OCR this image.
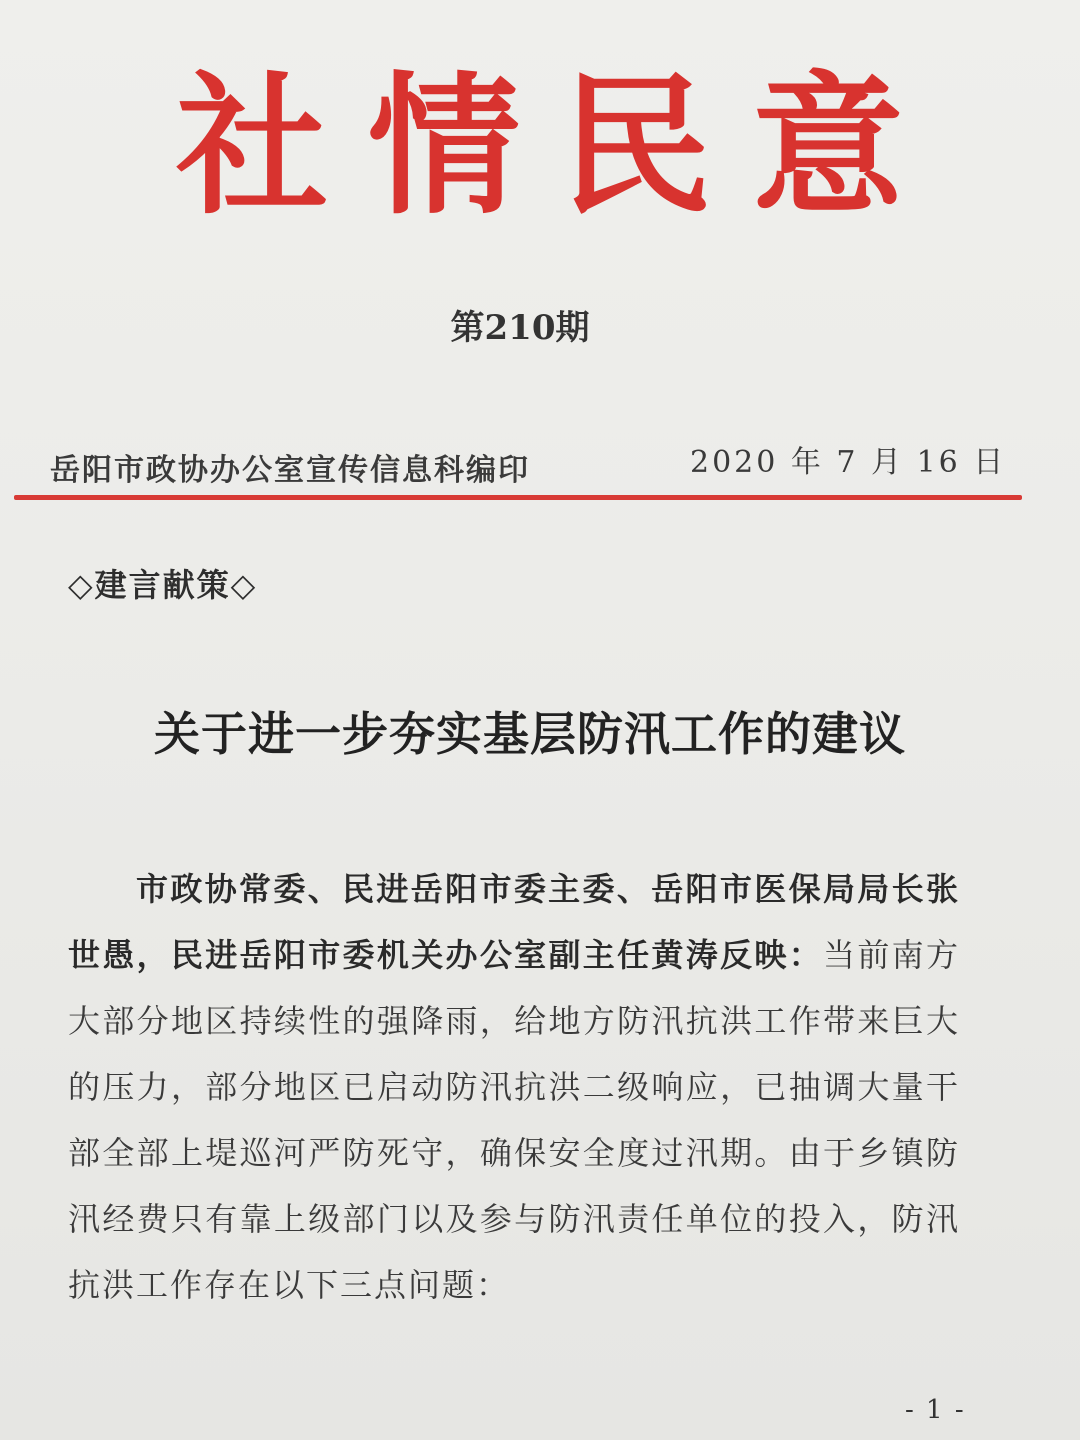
社情民意
第210期
岳阳市政协办公室宣传信息科编印	2020 年 7 月 16 日
◇建言献策◇
关于进一步夯实基层防汛工作的建议
市政协常委、民进岳阳市委主委、岳阳市医保局局长张世愚，民进岳阳市委机关办公室副主任黄涛反映：当前南方大部分地区持续性的强降雨，给地方防汛抗洪工作带来巨大的压力，部分地区已启动防汛抗洪二级响应，已抽调大量干部全部上堤巡河严防死守，确保安全度过汛期。由于乡镇防汛经费只有靠上级部门以及参与防汛责任单位的投入，防汛抗洪工作存在以下三点问题：
- 1 -
